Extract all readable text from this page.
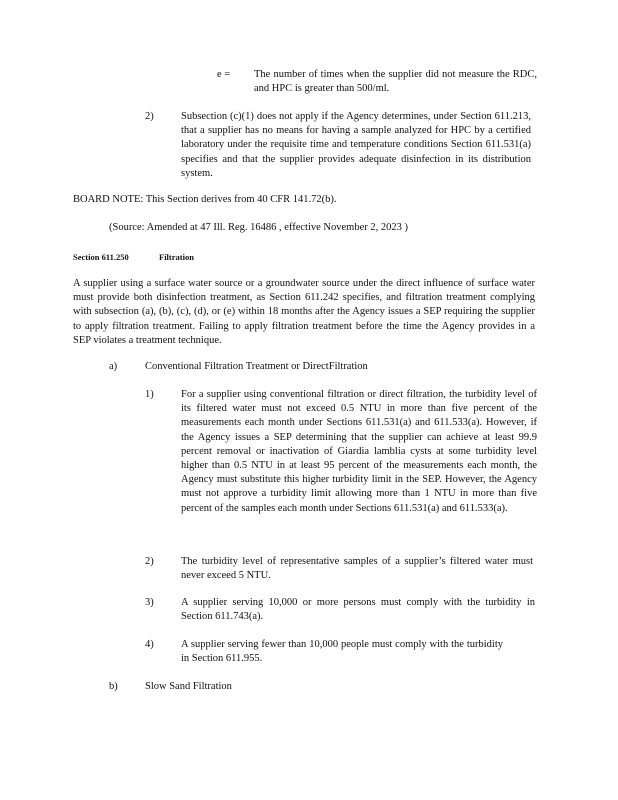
e = The number of times when the supplier did not measure the RDC, and HPC is greater than 500/ml.
2)	Subsection (c)(1) does not apply if the Agency determines, under Section 611.213, that a supplier has no means for having a sample analyzed for HPC by a certified laboratory under the requisite time and temperature conditions Section 611.531(a) specifies and that the supplier provides adequate disinfection in its distribution system.
BOARD NOTE: This Section derives from 40 CFR 141.72(b).
(Source: Amended at 47 Ill. Reg. 16486 , effective November 2, 2023 )
Section 611.250	Filtration
A supplier using a surface water source or a groundwater source under the direct influence of surface water must provide both disinfection treatment, as Section 611.242 specifies, and filtration treatment complying with subsection (a), (b), (c), (d), or (e) within 18 months after the Agency issues a SEP requiring the supplier to apply filtration treatment. Failing to apply filtration treatment before the time the Agency provides in a SEP violates a treatment technique.
a)	Conventional Filtration Treatment or DirectFiltration
1)	For a supplier using conventional filtration or direct filtration, the turbidity level of its filtered water must not exceed 0.5 NTU in more than five percent of the measurements each month under Sections 611.531(a) and 611.533(a). However, if the Agency issues a SEP determining that the supplier can achieve at least 99.9 percent removal or inactivation of Giardia lamblia cysts at some turbidity level higher than 0.5 NTU in at least 95 percent of the measurements each month, the Agency must substitute this higher turbidity limit in the SEP. However, the Agency must not approve a turbidity limit allowing more than 1 NTU in more than five percent of the samples each month under Sections 611.531(a) and 611.533(a).
2)	The turbidity level of representative samples of a supplier’s filtered water must never exceed 5 NTU.
3)	A supplier serving 10,000 or more persons must comply with the turbidity in Section 611.743(a).
4)	A supplier serving fewer than 10,000 people must comply with the turbidity in Section 611.955.
b)	Slow Sand Filtration
